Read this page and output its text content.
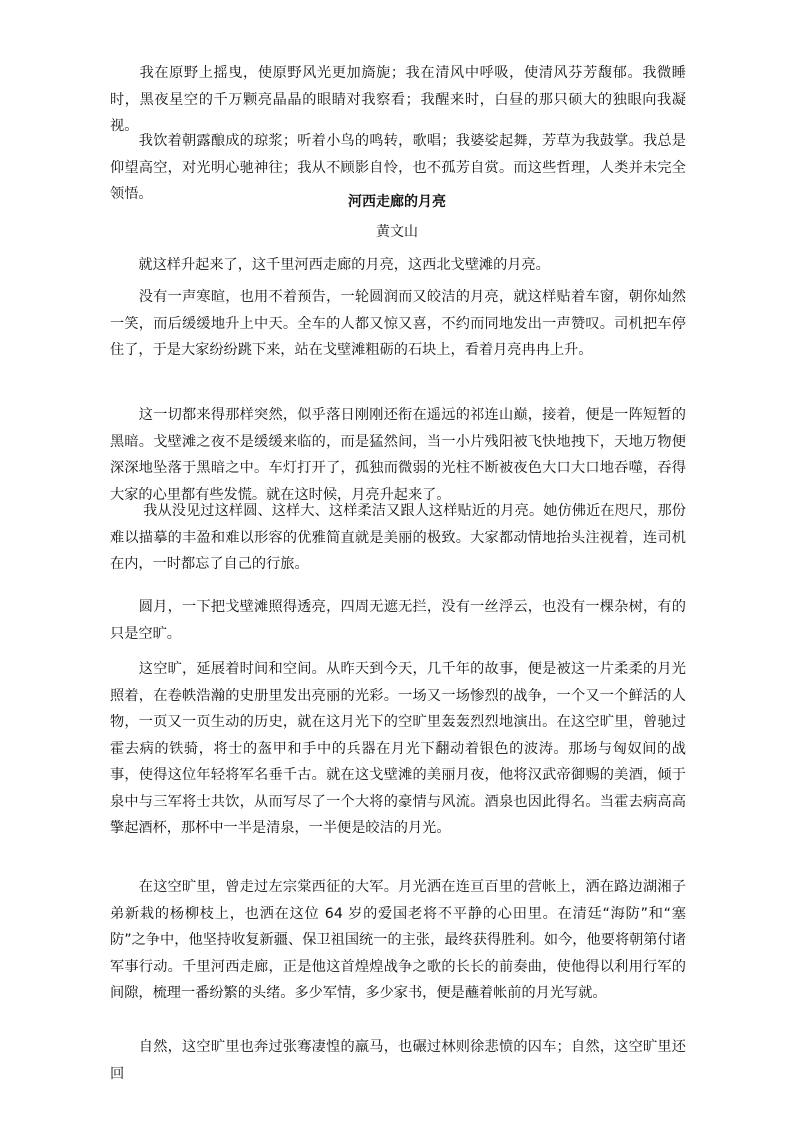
　　我在原野上摇曳，使原野风光更加旖旎；我在清风中呼吸，使清风芬芳馥郁。我微睡时，黑夜星空的千万颗亮晶晶的眼睛对我察看；我醒来时，白昼的那只硕大的独眼向我凝视。

　　我饮着朝露酿成的琼浆；听着小鸟的鸣转，歌唱；我婆娑起舞，芳草为我鼓掌。我总是仰望高空，对光明心驰神往；我从不顾影自怜，也不孤芳自赏。而这些哲理，人类并未完全领悟。	河西走廊的月亮
黄文山

　　就这样升起来了，这千里河西走廊的月亮，这西北戈壁滩的月亮。

　　没有一声寒暄，也用不着预告，一轮圆润而又皎洁的月亮，就这样贴着车窗，朝你灿然一笑，而后缓缓地升上中天。全车的人都又惊又喜，不约而同地发出一声赞叹。司机把车停住了，于是大家纷纷跳下来，站在戈壁滩粗砺的石块上，看着月亮冉冉上升。

　　这一切都来得那样突然，似乎落日刚刚还衔在遥远的祁连山巅，接着，便是一阵短暂的黑暗。戈壁滩之夜不是缓缓来临的，而是猛然间，当一小片残阳被飞快地拽下，天地万物便深深地坠落于黑暗之中。车灯打开了，孤独而微弱的光柱不断被夜色大口大口地吞噬，吞得大家的心里都有些发慌。就在这时候，月亮升起来了。

　　 我从没见过这样圆、这样大、这样柔洁又跟人这样贴近的月亮。她仿佛近在咫尺，那份难以描摹的丰盈和难以形容的优雅简直就是美丽的极致。大家都动情地抬头注视着，连司机在内，一时都忘了自己的行旅。

　　圆月，一下把戈壁滩照得透亮，四周无遮无拦，没有一丝浮云，也没有一棵杂树，有的只是空旷。

　　这空旷，延展着时间和空间。从昨天到今天，几千年的故事，便是被这一片柔柔的月光照着，在卷帙浩瀚的史册里发出亮丽的光彩。一场又一场惨烈的战争，一个又一个鲜活的人物，一页又一页生动的历史，就在这月光下的空旷里轰轰烈烈地演出。在这空旷里，曾驰过霍去病的铁骑，将士的盔甲和手中的兵器在月光下翻动着银色的波涛。那场与匈奴间的战事，使得这位年轻将军名垂千古。就在这戈壁滩的美丽月夜，他将汉武帝御赐的美酒，倾于泉中与三军将士共饮，从而写尽了一个大将的豪情与风流。酒泉也因此得名。当霍去病高高擎起酒杯，那杯中一半是清泉，一半便是皎洁的月光。

　　在这空旷里，曾走过左宗棠西征的大军。月光洒在连亘百里的营帐上，洒在路边湖湘子弟新栽的杨柳枝上，也洒在这位 64 岁的爱国老将不平静的心田里。在清廷“海防”和“塞防”之争中，他坚持收复新疆、保卫祖国统一的主张，最终获得胜利。如今，他要将朝第付诸军事行动。千里河西走廊，正是他这首煌煌战争之歌的长长的前奏曲，使他得以利用行军的间隙，梳理一番纷繁的头绪。多少军情，多少家书，便是蘸着帐前的月光写就。

　　自然，这空旷里也奔过张骞凄惶的羸马，也碾过林则徐悲愤的囚车；自然，这空旷里还回
